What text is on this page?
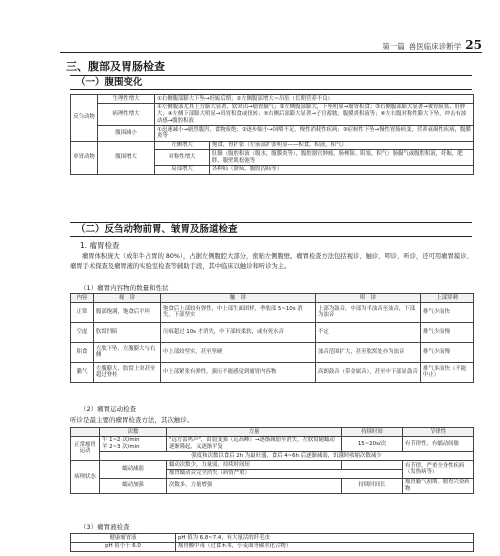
第一篇 兽医临床诊断学 25
三、腹部及胃肠检查
（一）腹围变化
反刍动物	生理性增大	①右侧腹部膨大下坠→妊娠后期；②左侧腹部增大＝吊肚（长期营养不良）	
	病理性增大	①左侧腹部尤其上方膨大显著，软突出→瘤胃臌气；②左侧腹部膨大，下坠明显→瘤胃积食；③右侧腹部膨大显著→皱胃阻塞、肝肿大；④左侧下部膨大明显→真胃积食或扭转；⑤右侧后部膨大显著→子宫蓄脓，腹膜炎积液等；⑥左右腹对称性膨大下坠，冲击有波动感→腹腔积液	
	腹围减小	①迅速减小→剧烈腹泻，食物废绝；②逐步缩小→饲喂不足，慢性消耗性疾病；③症候性下坠→慢性胃肠病变，营养衰竭性疾病，腹膜炎等	
单胃动物	腹围增大	左侧增大	饱食，胃扩张（左前部扩张明显——积食，积液，积气）
		对称性增大	肚臌（腹腔积液（腹水，腹膜炎等），腹腔器官肿瘤，肠梗阻、阻塞，积气）肠臌气或腹腔积液，妊娠，肥胖，腹壁肌松弛等
		局部增大	各种疝（脐疝，腹股沟疝等）
（二）反刍动物前胃、皱胃及肠道检查
1. 瘤胃检查
瘤胃体积庞大（成年牛占胃的 80%），占据左侧腹腔大部分，密贴左侧腹壁。瘤胃检查方法包括视诊、触诊、叩诊、听诊，还可用瘤胃摸诊、瘤胃手术探查及瘤胃液的实验室检查等辅助手段，其中临床以触诊和听诊为主。
（1）瘤胃内容物的数量和性状
内容	视　诊	触　诊	叩　诊	上部穿刺
正常	腹部饱满，饱食后平坦	饱食后上部较有弹性，中上部生面团样，季肋部 5~10s 消失，下部坚实	上部为鼓音，中部为半浊音至浊音，下部为浊音	排气少而快
空虚	肷窝凹陷	压痕超过 10s 才消失，中下部较柔软，或有死水音	不定	排气少而慢
积食	左肷下坠，左腹膨大与右侧	中上部较坚实，甚至坚硬	浊音范围扩大，甚至肷窝处亦为浊音	排气少而慢
臌气	左腹膨大，肷窝上突甚至超过脊柱	中上部紧张有弹性，强压不能感觉到瘤胃内容物	高朗鼓音（带金属音），甚至中下部显鼓音	排气多而快（不能中止）
（2）瘤胃运动检查
听诊是最主要的瘤胃检查方法，其次触诊。
	次数	力量	持续时间	节律性
正常瘤胃运动	牛 1~2 次/min
羊 2~3 次/min	"远方雷鸣声"，由弱变强（远高峰）→逐渐减弱至消失，左肷窝随蠕动逐渐隆起，又逐渐平复	15~20s/次	有节律性，有蠕动间歇
	强度和次数以食后 2h 为最旺盛，食后 4~6h 后逐渐减弱，饥饿时收缩次数减少			
病理状态	蠕动减弱	蠕动次数少，力量弱，持续时间短		有节律，严重全身性疾病（发热病等）
		瘤胃蠕动音完全消失（病情严重）		
	蠕动加强	次数多，力量增强	持续时间长	瘤胃臌气初期，瘤胃兴奋药物
（3）瘤胃液检查
健康瘤胃液	pH 值为 6.8~7.4，有大量活的纤毛虫
pH 值小于 6.0	瘤胃酸中毒（过食禾本，小麦面等碳水化合物）
